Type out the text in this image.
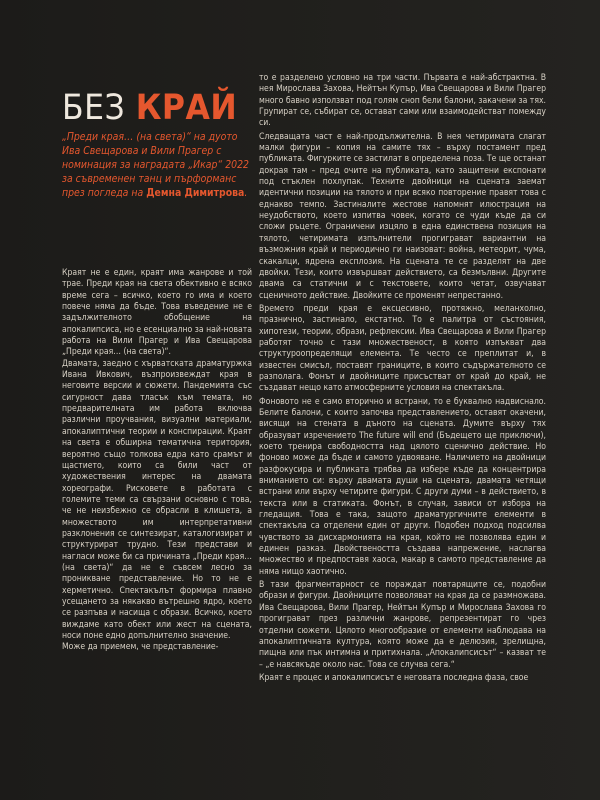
БЕЗ КРАЙ
„Преди края… (на света)“ на дуото Ива Свещарова и Вили Прагер с номинация за наградата „Икар“ 2022 за съвременен танц и пърформанс през погледа на Демна Димитрова.

Краят не е един, краят има жанрове и той трае. Преди края на света обективно е всяко време сега – всичко, което го има и което повече няма да бъде. Това въведение не е задължителното обобщение на апокалипсиса, но е есенциално за най-новата работа на Вили Прагер и Ива Свещарова „Преди края… (на света)“.

Двамата, заедно с хърватската драматуржка Ивана Ивкович, възпроизвеждат края в неговите версии и сюжети. Пандемията със сигурност дава тласък към темата, но предварителната им работа включва различни проучвания, визуални материали, апокалиптични теории и конспирации. Краят на света е обширна тематична територия, вероятно също толкова едра като срамът и щастието, които са били част от художествения интерес на двамата хореографи. Рисковете в работата с големите теми са свързани основно с това, че не неизбежно се обрасли в клишета, а множеството им интерпретативни разклонения се синтезират, каталогизират и структурират трудно. Тези представи и нагласи може би са причината „Преди края… (на света)“ да не е съвсем лесно за проникване представление. Но то не е херметично. Спектакълът формира плавно усещането за някакво вътрешно ядро, което се разпъва и насища с образи. Всичко, което виждаме като обект или жест на сцената, носи поне едно допълнително значение.

Може да приемем, че представление-

то е разделено условно на три части. Първата е най-абстрактна. В нея Мирослава Захова, Нейтън Купър, Ива Свещарова и Вили Прагер много бавно използват под голям сноп бели балони, закачени за тях. Групират се, събират се, остават сами или взаимодействат помежду си.

Следващата част е най-продължителна. В нея четиримата слагат малки фигури – копия на самите тях – върху постамент пред публиката. Фигурките се застилат в определена поза. Те ще останат докрая там – пред очите на публиката, като защитени експонати под стъклен похлупак. Техните двойници на сцената заемат идентични позиции на тялото и при всяко повторение правят това с еднакво темпо. Застиналите жестове напомнят илюстрация на неудобството, което изпитва човек, когато се чуди къде да си сложи ръцете. Ограничени изцяло в една единствена позиция на тялото, четиримата изпълнители прогиграват вариантни на възможния край и периодично ги наизоват: война, метеорит, чума, скакалци, ядрена експлозия. На сцената те се разделят на две двойки. Тези, които извършват действието, са безмълвни. Другите двама са статични и с текстовете, които четат, озвучават сценичното действие. Двойките се променят непрестанно.

Времето преди края е ексцесивно, протяжно, меланхолно, празнично, застинало, екстатно. То е палитра от състояния, хипотези, теории, образи, рефлексии. Ива Свещарова и Вили Прагер работят точно с тази множественост, в която изпъкват два структуроопределящи елемента. Те често се преплитат и, в известен смисъл, поставят границите, в които съдържателното се разполага. Фонът и двойниците присъстват от край до край, не създават нещо като атмосферните условия на спектакъла.

Фоновото не е само вторично и встрани, то е буквално надвиснало. Белите балони, с които започва представлението, оставят окачени, висящи на стената в дъното на сцената. Думите върху тях образуват изречението The future will end (Бъдещето ще приключи), което тренира свободността над цялото сценично действие. Но фоново може да бъде и самото удвояване. Наличието на двойници разфокусира и публиката трябва да избере къде да концентрира вниманието си: върху двамата души на сцената, двамата четящи встрани или върху четирите фигури. С други думи – в действието, в текста или в статиката. Фонът, в случая, зависи от избора на гледащия. Това е така, защото драматургичните елементи в спектакъла са отделени един от други. Подобен подход подсилва чувството за дисхармонията на края, който не позволява един и единен разказ. Двойствеността създава напрежение, наслагва множество и предпоставя хаоса, макар в самото представление да няма нищо хаотично.

В тази фрагментарност се пораждат повтарящите се, подобни образи и фигури. Двойниците позволяват на края да се размножава. Ива Свещарова, Вили Прагер, Нейтън Купър и Мирослава Захова го прогиграват през различни жанрове, репрезентират го чрез отделни сюжети. Цялото многообразие от елементи наблюдава на апокалиптичната култура, която може да е делюзия, зрелищна, пищна или пък интимна и притихнала. „Апокалипсисът“ – казват те – „е навсякъде около нас. Това се случва сега.“

Краят е процес и апокалипсисът е неговата последна фаза, свое
